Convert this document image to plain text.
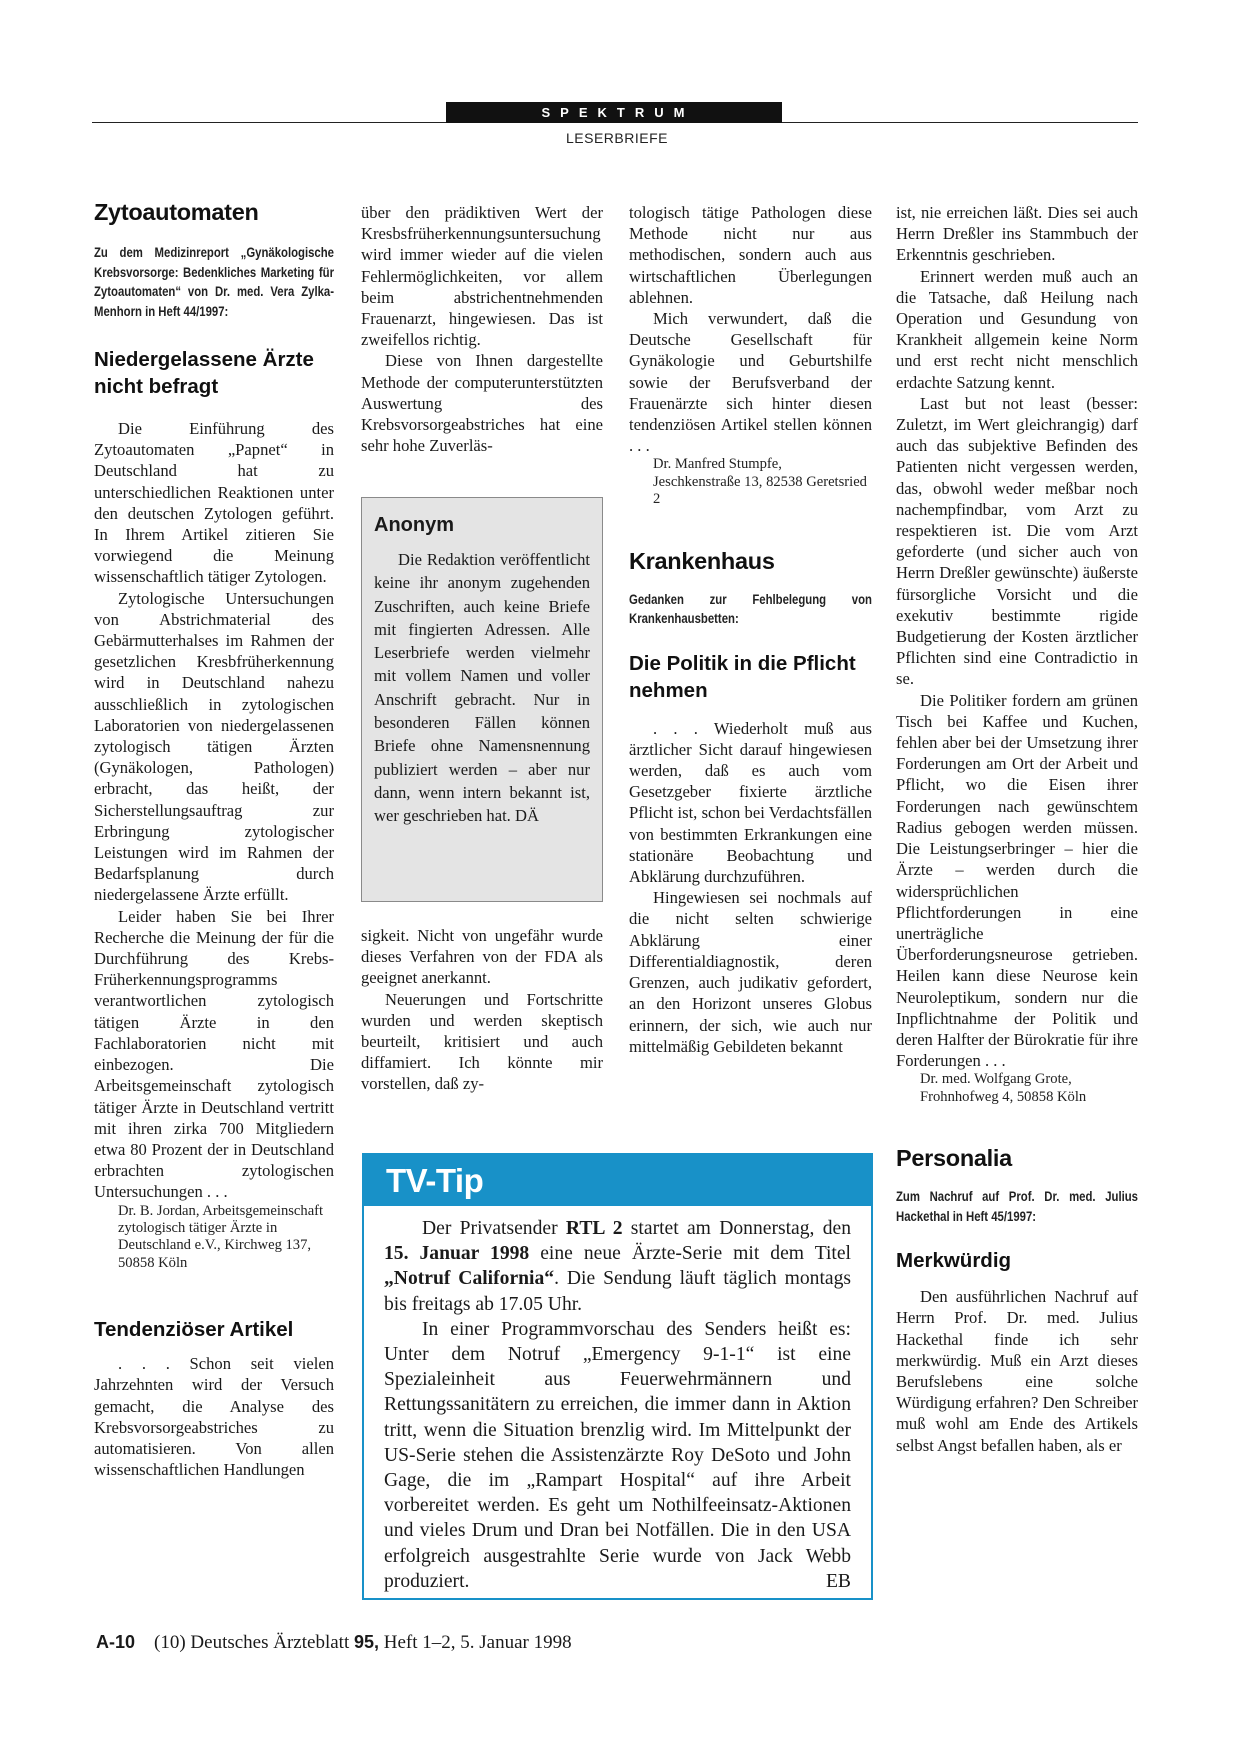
SPEKTRUM
LESERBRIEFE
Zytoautomaten
Zu dem Medizinreport „Gynäkologische Krebsvorsorge: Bedenkliches Marketing für Zytoautomaten“ von Dr. med. Vera Zylka-Menhorn in Heft 44/1997:
Niedergelassene Ärzte nicht befragt

Die Einführung des Zytoautomaten „Papnet“ in Deutschland hat zu unterschiedlichen Reaktionen unter den deutschen Zytologen geführt. In Ihrem Artikel zitieren Sie vorwiegend die Meinung wissenschaftlich tätiger Zytologen.

Zytologische Untersuchungen von Abstrichmaterial des Gebärmutterhalses im Rahmen der gesetzlichen Kresbfrüherkennung wird in Deutschland nahezu ausschließlich in zytologischen Laboratorien von niedergelassenen zytologisch tätigen Ärzten (Gynäkologen, Pathologen) erbracht, das heißt, der Sicherstellungsauftrag zur Erbringung zytologischer Leistungen wird im Rahmen der Bedarfsplanung durch niedergelassene Ärzte erfüllt.

Leider haben Sie bei Ihrer Recherche die Meinung der für die Durchführung des Krebs-Früherkennungsprogramms verantwortlichen zytologisch tätigen Ärzte in den Fachlaboratorien nicht mit einbezogen. Die Arbeitsgemeinschaft zytologisch tätiger Ärzte in Deutschland vertritt mit ihren zirka 700 Mitgliedern etwa 80 Prozent der in Deutschland erbrachten zytologischen Untersuchungen . . .

Dr. B. Jordan, Arbeitsgemeinschaft zytologisch tätiger Ärzte in Deutschland e.V., Kirchweg 137, 50858 Köln
Tendenziöser Artikel

. . . Schon seit vielen Jahrzehnten wird der Versuch gemacht, die Analyse des Krebsvorsorgeabstriches zu automatisieren. Von allen wissenschaftlichen Handlungen

über den prädiktiven Wert der Kresbsfrüherkennungsuntersuchung wird immer wieder auf die vielen Fehlermöglichkeiten, vor allem beim abstrichentnehmenden Frauenarzt, hingewiesen. Das ist zweifellos richtig.

Diese von Ihnen dargestellte Methode der computerunterstützten Auswertung des Krebsvorsorgeabstriches hat eine sehr hohe Zuverläs-

Anonym

Die Redaktion veröffentlicht keine ihr anonym zugehenden Zuschriften, auch keine Briefe mit fingierten Adressen. Alle Leserbriefe werden vielmehr mit vollem Namen und voller Anschrift gebracht. Nur in besonderen Fällen können Briefe ohne Namensnennung publiziert werden – aber nur dann, wenn intern bekannt ist, wer geschrieben hat. DÄ

sigkeit. Nicht von ungefähr wurde dieses Verfahren von der FDA als geeignet anerkannt.

Neuerungen und Fortschritte wurden und werden skeptisch beurteilt, kritisiert und auch diffamiert. Ich könnte mir vorstellen, daß zy-

tologisch tätige Pathologen diese Methode nicht nur aus methodischen, sondern auch aus wirtschaftlichen Überlegungen ablehnen.

Mich verwundert, daß die Deutsche Gesellschaft für Gynäkologie und Geburtshilfe sowie der Berufsverband der Frauenärzte sich hinter diesen tendenziösen Artikel stellen können . . .

Dr. Manfred Stumpfe, Jeschkenstraße 13, 82538 Geretsried 2
Krankenhaus
Gedanken zur Fehlbelegung von Krankenhausbetten:
Die Politik in die Pflicht nehmen

. . . Wiederholt muß aus ärztlicher Sicht darauf hingewiesen werden, daß es auch vom Gesetzgeber fixierte ärztliche Pflicht ist, schon bei Verdachtsfällen von bestimmten Erkrankungen eine stationäre Beobachtung und Abklärung durchzuführen.

Hingewiesen sei nochmals auf die nicht selten schwierige Abklärung einer Differentialdiagnostik, deren Grenzen, auch judikativ gefordert, an den Horizont unseres Globus erinnern, der sich, wie auch nur mittelmäßig Gebildeten bekannt

ist, nie erreichen läßt. Dies sei auch Herrn Dreßler ins Stammbuch der Erkenntnis geschrieben.

Erinnert werden muß auch an die Tatsache, daß Heilung nach Operation und Gesundung von Krankheit allgemein keine Norm und erst recht nicht menschlich erdachte Satzung kennt.

Last but not least (besser: Zuletzt, im Wert gleichrangig) darf auch das subjektive Befinden des Patienten nicht vergessen werden, das, obwohl weder meßbar noch nachempfindbar, vom Arzt zu respektieren ist. Die vom Arzt geforderte (und sicher auch von Herrn Dreßler gewünschte) äußerste fürsorgliche Vorsicht und die exekutiv bestimmte rigide Budgetierung der Kosten ärztlicher Pflichten sind eine Contradictio in se.

Die Politiker fordern am grünen Tisch bei Kaffee und Kuchen, fehlen aber bei der Umsetzung ihrer Forderungen am Ort der Arbeit und Pflicht, wo die Eisen ihrer Forderungen nach gewünschtem Radius gebogen werden müssen. Die Leistungserbringer – hier die Ärzte – werden durch die widersprüchlichen Pflichtforderungen in eine unerträgliche Überforderungsneurose getrieben. Heilen kann diese Neurose kein Neuroleptikum, sondern nur die Inpflichtnahme der Politik und deren Halfter der Bürokratie für ihre Forderungen . . .

Dr. med. Wolfgang Grote, Frohnhofweg 4, 50858 Köln
Personalia
Zum Nachruf auf Prof. Dr. med. Julius Hackethal in Heft 45/1997:
Merkwürdig

Den ausführlichen Nachruf auf Herrn Prof. Dr. med. Julius Hackethal finde ich sehr merkwürdig. Muß ein Arzt dieses Berufslebens eine solche Würdigung erfahren? Den Schreiber muß wohl am Ende des Artikels selbst Angst befallen haben, als er

TV-Tip

Der Privatsender RTL 2 startet am Donnerstag, den 15. Januar 1998 eine neue Ärzte-Serie mit dem Titel „Notruf California“. Die Sendung läuft täglich montags bis freitags ab 17.05 Uhr.

In einer Programmvorschau des Senders heißt es: Unter dem Notruf „Emergency 9-1-1“ ist eine Spezialeinheit aus Feuerwehrmännern und Rettungssanitätern zu erreichen, die immer dann in Aktion tritt, wenn die Situation brenzlig wird. Im Mittelpunkt der US-Serie stehen die Assistenzärzte Roy DeSoto und John Gage, die im „Rampart Hospital“ auf ihre Arbeit vorbereitet werden. Es geht um Nothilfeeinsatz-Aktionen und vieles Drum und Dran bei Notfällen. Die in den USA erfolgreich ausgestrahlte Serie wurde von Jack Webb produziert.	EB

A-10 (10) Deutsches Ärzteblatt 95, Heft 1–2, 5. Januar 1998
